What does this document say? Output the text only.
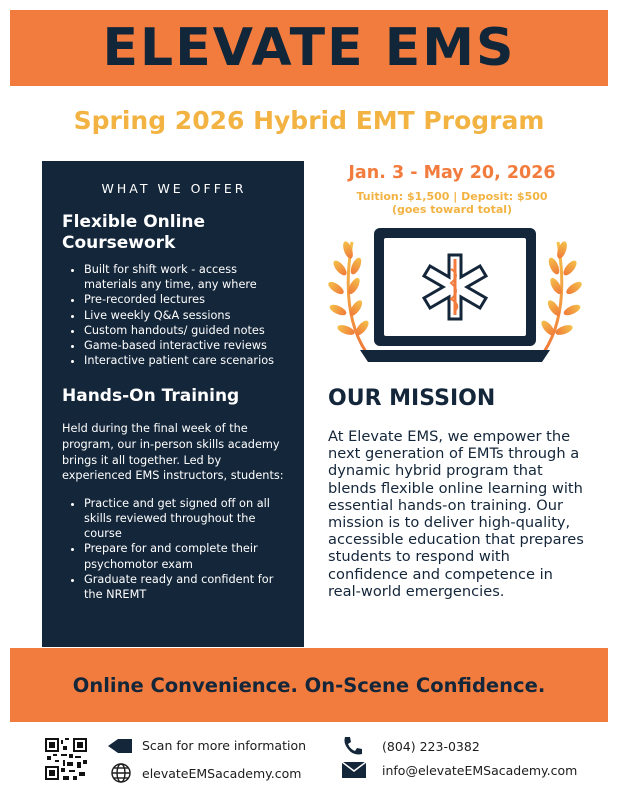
ELEVATE EMS
Spring 2026 Hybrid EMT Program
WHAT WE OFFER
Flexible Online Coursework
• Built for shift work - access materials any time, any where
• Pre-recorded lectures
• Live weekly Q&A sessions
• Custom handouts/ guided notes
• Game-based interactive reviews
• Interactive patient care scenarios
Hands-On Training

Held during the final week of the program, our in-person skills academy brings it all together. Led by experienced EMS instructors, students:

• Practice and get signed off on all skills reviewed throughout the course
• Prepare for and complete their psychomotor exam
• Graduate ready and confident for the NREMT
Jan. 3 - May 20, 2026
Tuition: $1,500 | Deposit: $500
(goes toward total)
OUR MISSION
At Elevate EMS, we empower the next generation of EMTs through a dynamic hybrid program that blends flexible online learning with essential hands-on training. Our mission is to deliver high-quality, accessible education that prepares students to respond with confidence and competence in real-world emergencies.
Online Convenience. On-Scene Confidence.
Scan for more information
elevateEMSacademy.com
(804) 223-0382
info@elevateEMSacademy.com
